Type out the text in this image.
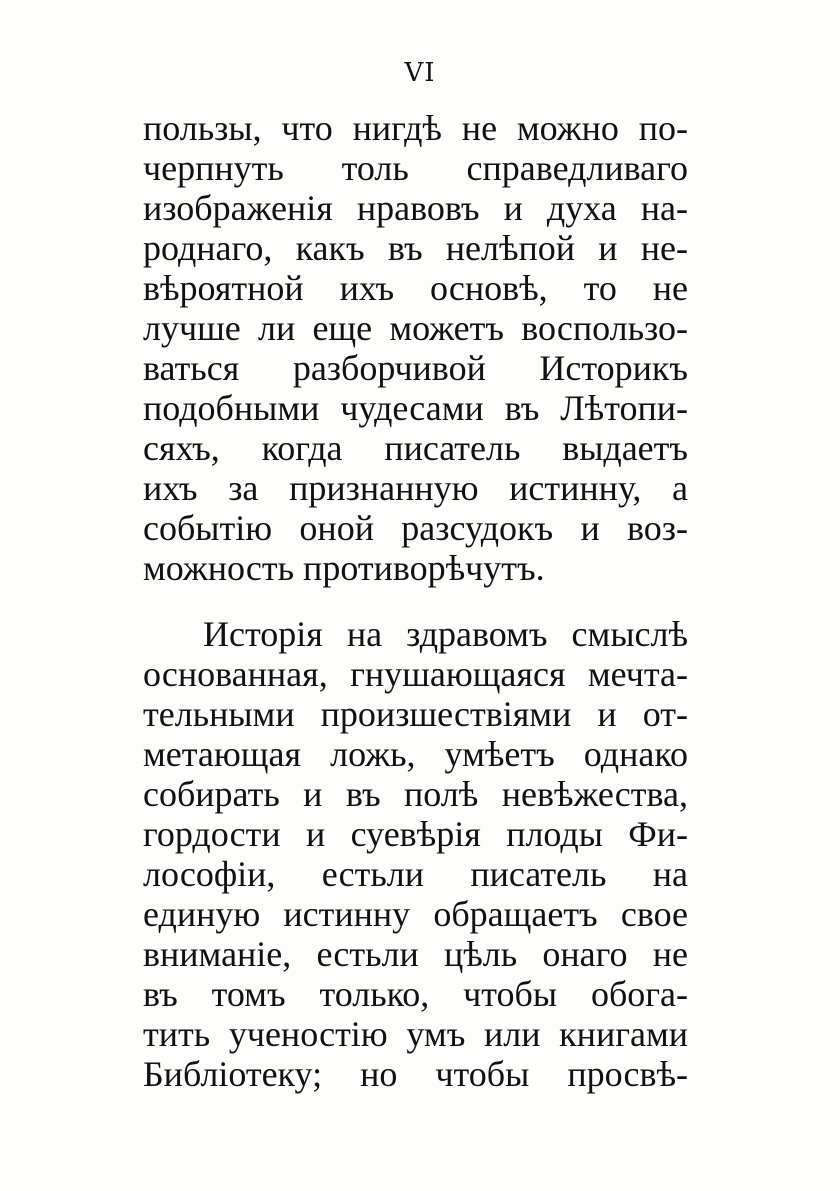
VI
пользы, что нигдѣ не можно по-
черпнуть толь справедливаго
изображенія нравовъ и духа на-
роднаго, какъ въ нелѣпой и не-
вѣроятной ихъ основѣ, то не
лучше ли еще можетъ воспользо-
ваться разборчивой Историкъ
подобными чудесами въ Лѣтопи-
сяхъ, когда писатель выдаетъ
ихъ за признанную истинну, а
событію оной разсудокъ и воз-
можность противорѣчутъ.
Исторія на здравомъ смыслѣ
основанная, гнушающаяся мечта-
тельными произшествіями и от-
метающая ложь, умѣетъ однако
собирать и въ полѣ невѣжества,
гордости и суевѣрія плоды Фи-
лософіи, естьли писатель на
единую истинну обращаетъ свое
вниманіе, естьли цѣль онаго не
въ томъ только, чтобы обога-
тить ученостію умъ или книгами
Библіотеку; но чтобы просвѣ-
